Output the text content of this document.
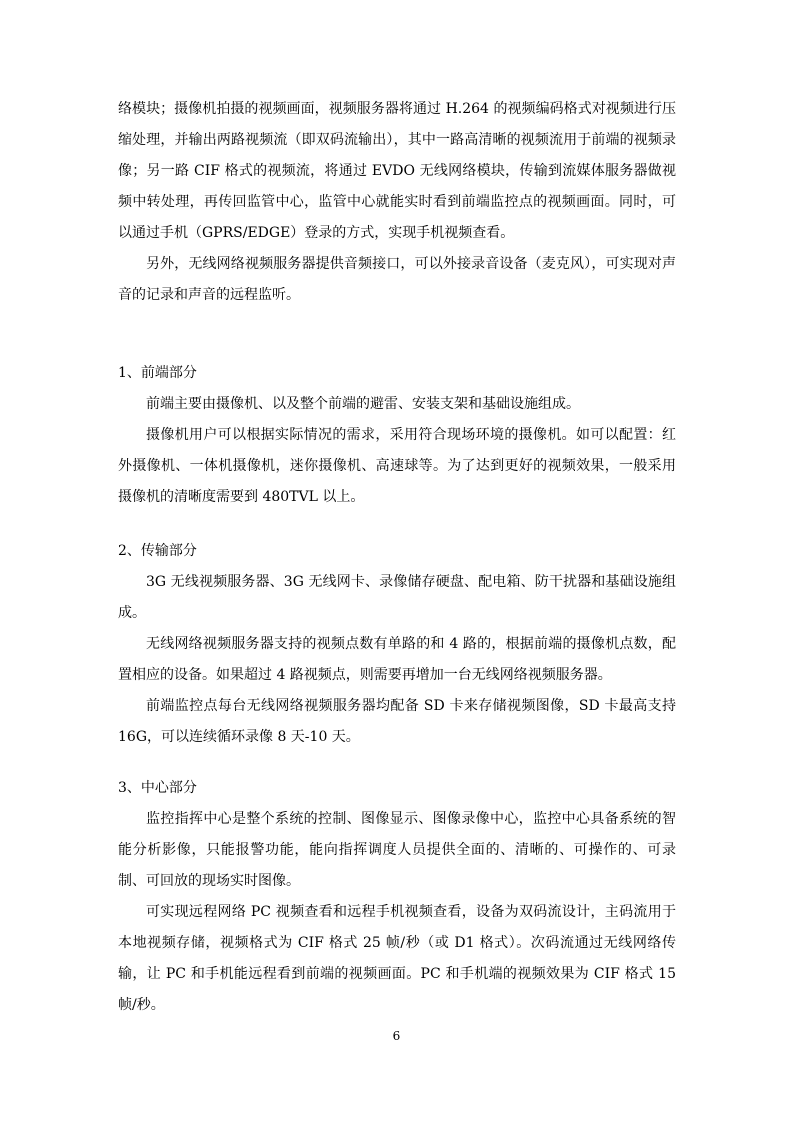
络模块；摄像机拍摄的视频画面，视频服务器将通过 H.264 的视频编码格式对视频进行压缩处理，并输出两路视频流（即双码流输出），其中一路高清晰的视频流用于前端的视频录像；另一路 CIF 格式的视频流，将通过 EVDO 无线网络模块，传输到流媒体服务器做视频中转处理，再传回监管中心，监管中心就能实时看到前端监控点的视频画面。同时，可以通过手机（GPRS/EDGE）登录的方式，实现手机视频查看。

另外，无线网络视频服务器提供音频接口，可以外接录音设备（麦克风），可实现对声音的记录和声音的远程监听。

1、前端部分

前端主要由摄像机、以及整个前端的避雷、安装支架和基础设施组成。

摄像机用户可以根据实际情况的需求，采用符合现场环境的摄像机。如可以配置：红外摄像机、一体机摄像机，迷你摄像机、高速球等。为了达到更好的视频效果，一般采用摄像机的清晰度需要到 480TVL 以上。

2、传输部分

3G 无线视频服务器、3G 无线网卡、录像储存硬盘、配电箱、防干扰器和基础设施组成。

无线网络视频服务器支持的视频点数有单路的和 4 路的，根据前端的摄像机点数，配置相应的设备。如果超过 4 路视频点，则需要再增加一台无线网络视频服务器。

前端监控点每台无线网络视频服务器均配备 SD 卡来存储视频图像，SD 卡最高支持 16G，可以连续循环录像 8 天-10 天。

3、中心部分

监控指挥中心是整个系统的控制、图像显示、图像录像中心，监控中心具备系统的智能分析影像，只能报警功能，能向指挥调度人员提供全面的、清晰的、可操作的、可录制、可回放的现场实时图像。

可实现远程网络 PC 视频查看和远程手机视频查看，设备为双码流设计，主码流用于本地视频存储，视频格式为 CIF 格式 25 帧/秒（或 D1 格式）。次码流通过无线网络传输，让 PC 和手机能远程看到前端的视频画面。PC 和手机端的视频效果为 CIF 格式 15 帧/秒。

6
